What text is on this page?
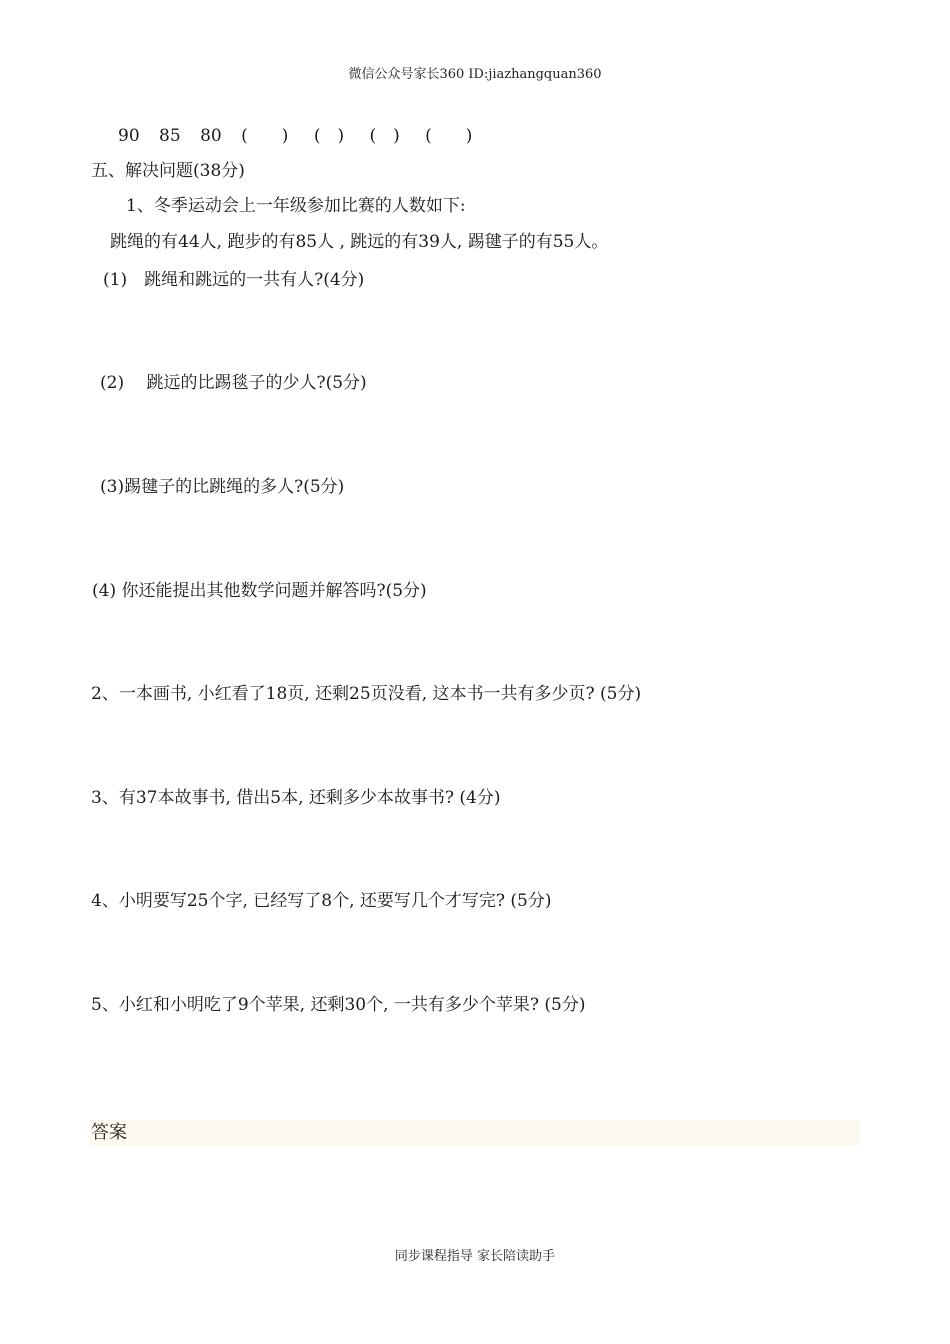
微信公众号家长360 ID:jiazhangquan360
90 85 80 (　　) (　) (　) (　　)
五、解决问题(38分)
1、冬季运动会上一年级参加比赛的人数如下:
跳绳的有44人, 跑步的有85人 , 跳远的有39人, 踢毽子的有55人。
(1)　跳绳和跳远的一共有人?(4分)
(2)　 跳远的比踢毯子的少人?(5分)
(3)踢毽子的比跳绳的多人?(5分)
(4) 你还能提出其他数学问题并解答吗?(5分)
2、一本画书, 小红看了18页, 还剩25页没看, 这本书一共有多少页? (5分)
3、有37本故事书, 借出5本, 还剩多少本故事书? (4分)
4、小明要写25个字, 已经写了8个, 还要写几个才写完? (5分)
5、小红和小明吃了9个苹果, 还剩30个, 一共有多少个苹果? (5分)
答案
同步课程指导 家长陪读助手
